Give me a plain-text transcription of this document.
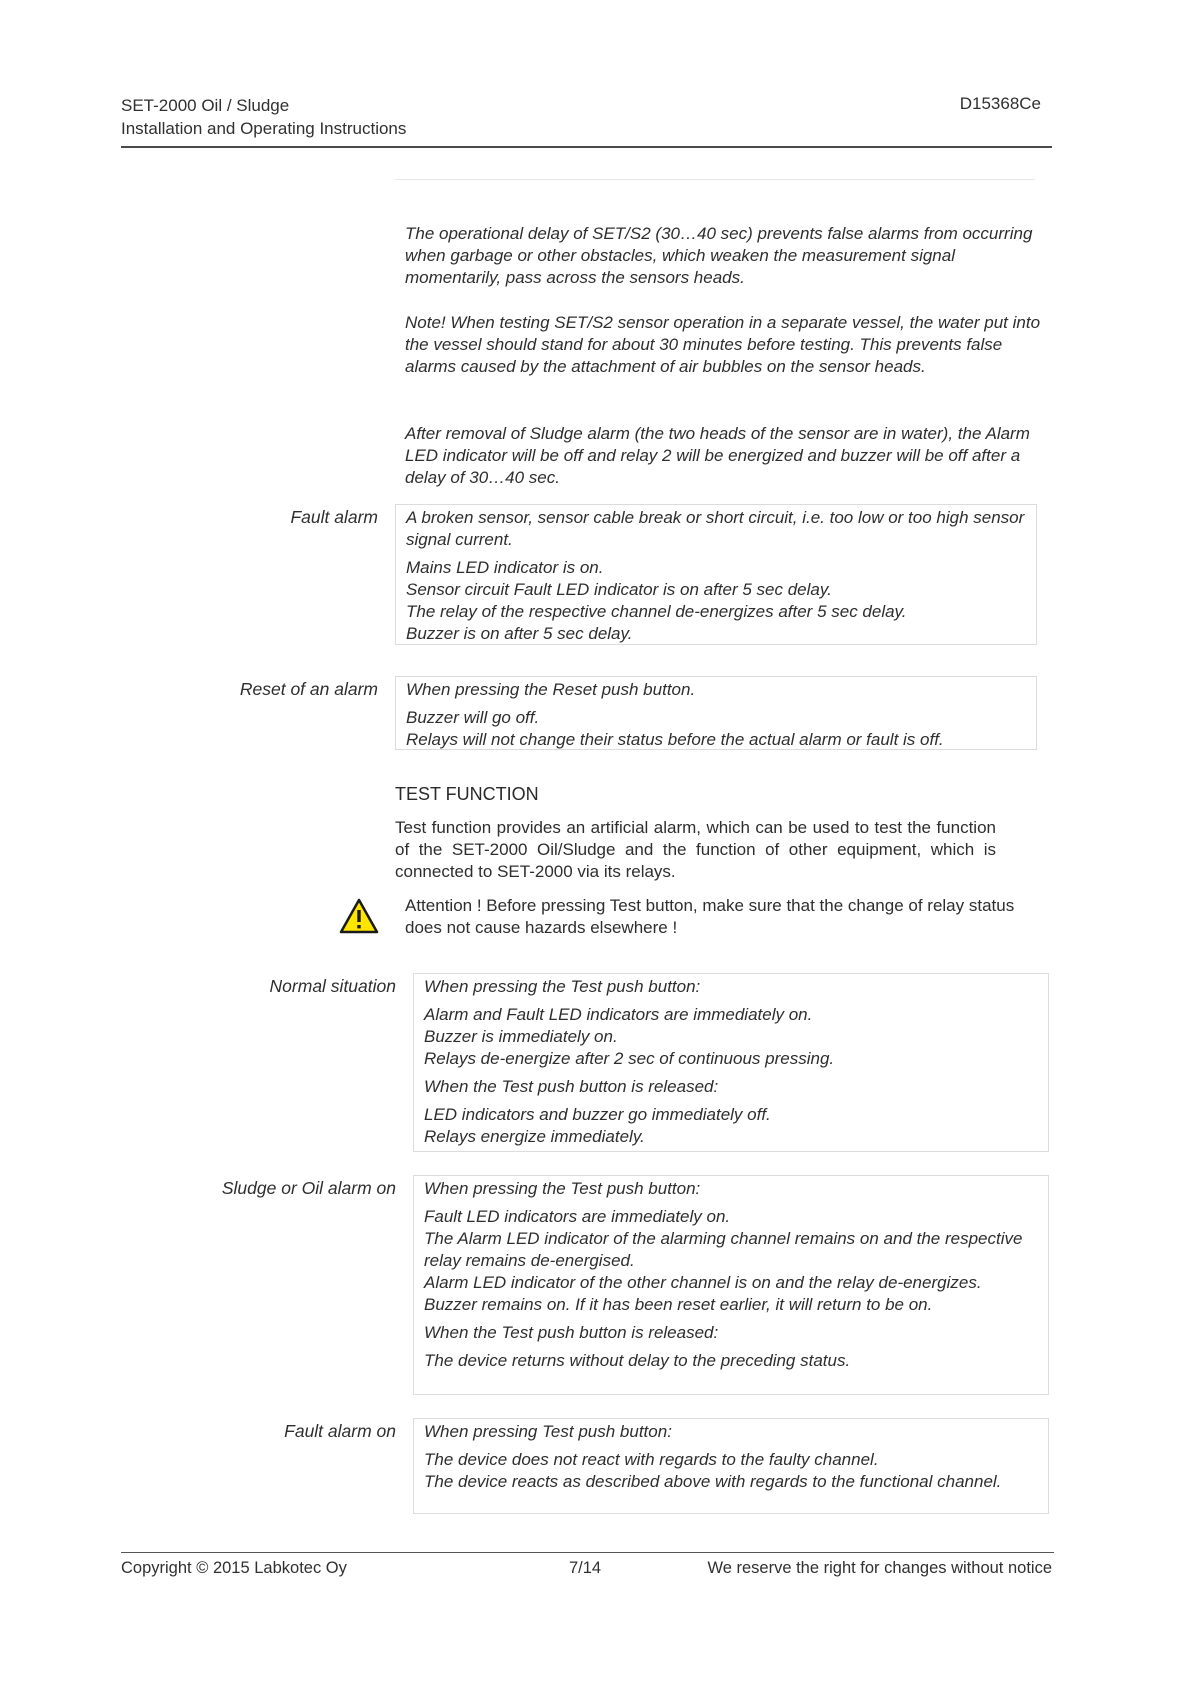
SET-2000 Oil / Sludge
Installation and Operating Instructions
D15368Ce

The operational delay of SET/S2 (30…40 sec) prevents false alarms from occurring when garbage or other obstacles, which weaken the measurement signal momentarily, pass across the sensors heads.

Note! When testing SET/S2 sensor operation in a separate vessel, the water put into the vessel should stand for about 30 minutes before testing. This prevents false alarms caused by the attachment of air bubbles on the sensor heads.

After removal of Sludge alarm (the two heads of the sensor are in water), the Alarm LED indicator will be off and relay 2 will be energized and buzzer will be off after a delay of 30…40 sec.

Fault alarm A broken sensor, sensor cable break or short circuit, i.e. too low or too high sensor signal current.

Mains LED indicator is on.

Sensor circuit Fault LED indicator is on after 5 sec delay.

The relay of the respective channel de-energizes after 5 sec delay.

Buzzer is on after 5 sec delay.

Reset of an alarm When pressing the Reset push button.

Buzzer will go off.

Relays will not change their status before the actual alarm or fault is off.

TEST FUNCTION

Test function provides an artificial alarm, which can be used to test the function of the SET-2000 Oil/Sludge and the function of other equipment, which is connected to SET-2000 via its relays.

Attention ! Before pressing Test button, make sure that the change of relay status does not cause hazards elsewhere !

Normal situation When pressing the Test push button:

Alarm and Fault LED indicators are immediately on.

Buzzer is immediately on.

Relays de-energize after 2 sec of continuous pressing.

When the Test push button is released:

LED indicators and buzzer go immediately off.

Relays energize immediately.

Sludge or Oil alarm on When pressing the Test push button:

Fault LED indicators are immediately on.

The Alarm LED indicator of the alarming channel remains on and the respective relay remains de-energised.

Alarm LED indicator of the other channel is on and the relay de-energizes.

Buzzer remains on. If it has been reset earlier, it will return to be on.

When the Test push button is released:

The device returns without delay to the preceding status.

Fault alarm on When pressing Test push button:

The device does not react with regards to the faulty channel.

The device reacts as described above with regards to the functional channel.

Copyright © 2015 Labkotec Oy	7/14	We reserve the right for changes without notice
